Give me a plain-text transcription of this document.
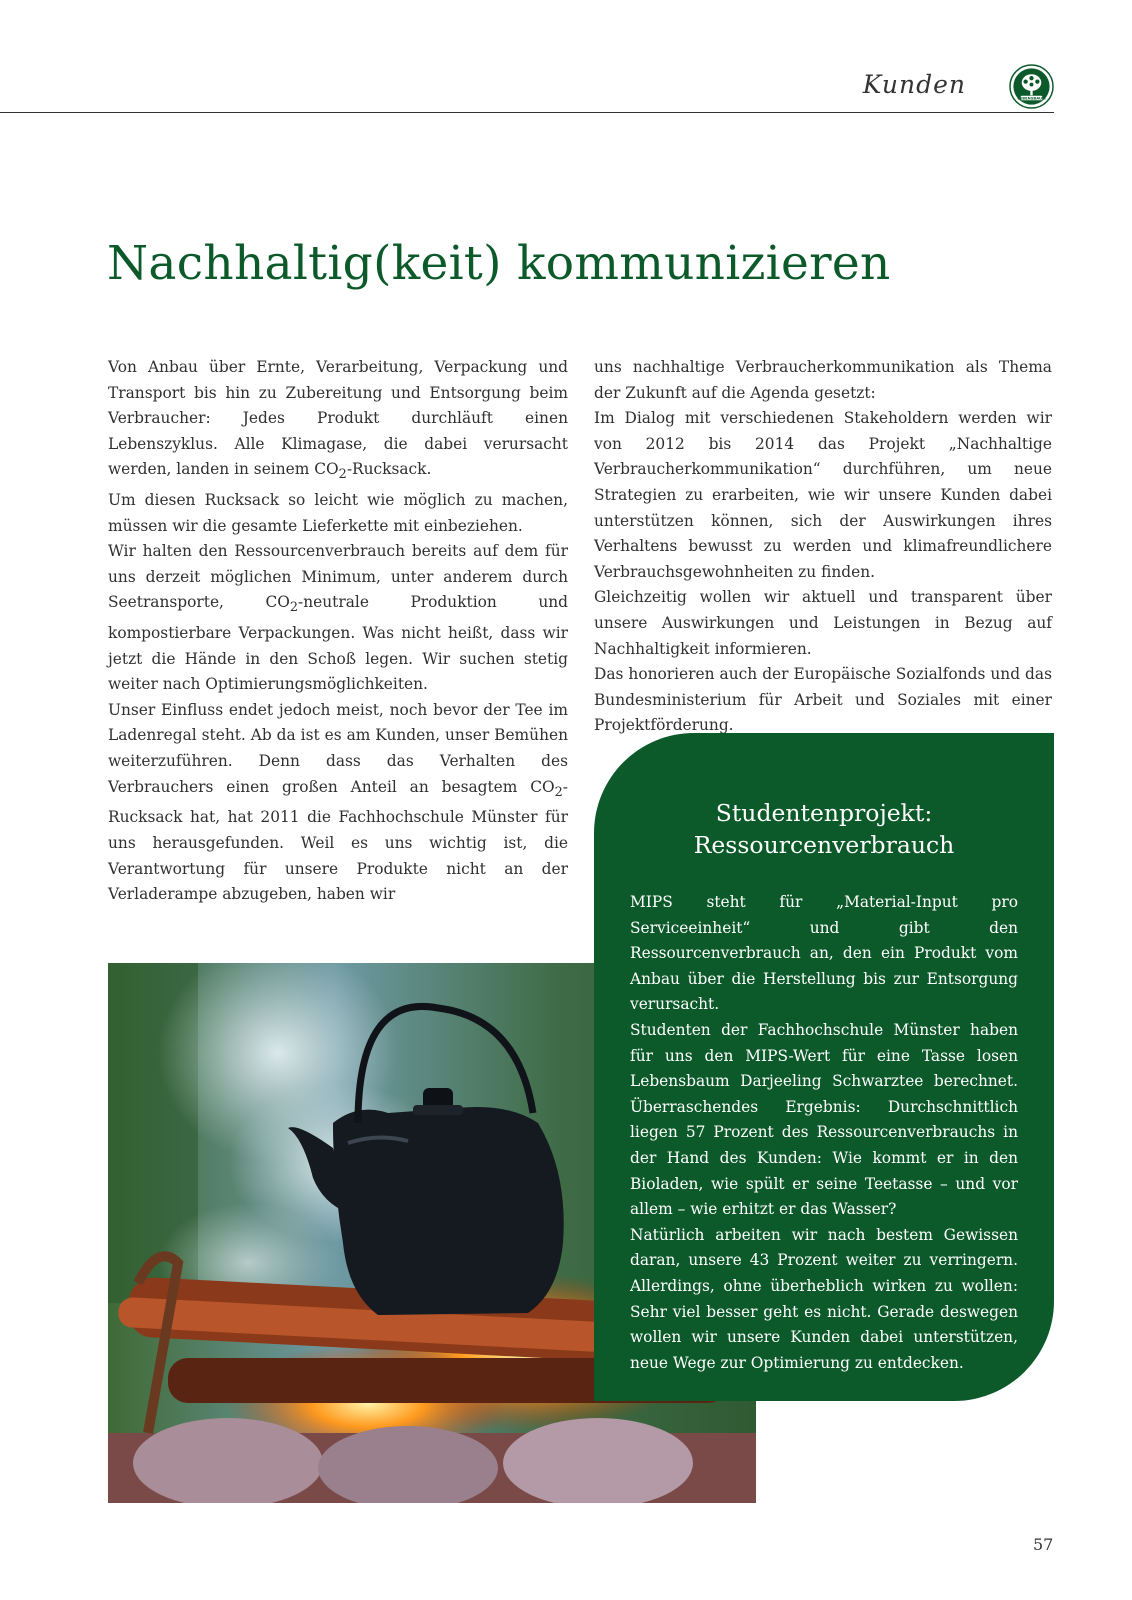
Kunden	LEBENSBAUM
Nachhaltig(keit) kommunizieren

Von Anbau über Ernte, Verarbeitung, Verpackung und Transport bis hin zu Zubereitung und Entsorgung beim Verbraucher: Jedes Produkt durchläuft einen Lebenszyklus. Alle Klimagase, die dabei verursacht werden, landen in seinem $CO_2$-Rucksack.

Um diesen Rucksack so leicht wie möglich zu machen, müssen wir die gesamte Lieferkette mit einbeziehen.

Wir halten den Ressourcenverbrauch bereits auf dem für uns derzeit möglichen Minimum, unter anderem durch Seetransporte, $CO_2$-neutrale Produktion und kompostierbare Verpackungen. Was nicht heißt, dass wir jetzt die Hände in den Schoß legen. Wir suchen stetig weiter nach Optimierungsmöglichkeiten.

Unser Einfluss endet jedoch meist, noch bevor der Tee im Ladenregal steht. Ab da ist es am Kunden, unser Bemühen weiterzuführen. Denn dass das Verhalten des Verbrauchers einen großen Anteil an besagtem $CO_2$-Rucksack hat, hat 2011 die Fachhochschule Münster für uns herausgefunden. Weil es uns wichtig ist, die Verantwortung für unsere Produkte nicht an der Verladerampe abzugeben, haben wir

uns nachhaltige Verbraucherkommunikation als Thema der Zukunft auf die Agenda gesetzt:

Im Dialog mit verschiedenen Stakeholdern werden wir von 2012 bis 2014 das Projekt „Nachhaltige Verbraucherkommunikation“ durchführen, um neue Strategien zu erarbeiten, wie wir unsere Kunden dabei unterstützen können, sich der Auswirkungen ihres Verhaltens bewusst zu werden und klimafreundlichere Verbrauchsgewohnheiten zu finden.

Gleichzeitig wollen wir aktuell und transparent über unsere Auswirkungen und Leistungen in Bezug auf Nachhaltigkeit informieren.

Das honorieren auch der Europäische Sozialfonds und das Bundesministerium für Arbeit und Soziales mit einer Projektförderung.

Studentenprojekt:
Ressourcenverbrauch

MIPS steht für „Material-Input pro Serviceeinheit“ und gibt den Ressourcenverbrauch an, den ein Produkt vom Anbau über die Herstellung bis zur Entsorgung verursacht.

Studenten der Fachhochschule Münster haben für uns den MIPS-Wert für eine Tasse losen Lebensbaum Darjeeling Schwarztee berechnet. Überraschendes Ergebnis: Durchschnittlich liegen 57 Prozent des Ressourcenverbrauchs in der Hand des Kunden: Wie kommt er in den Bioladen, wie spült er seine Teetasse – und vor allem – wie erhitzt er das Wasser?

Natürlich arbeiten wir nach bestem Gewissen daran, unsere 43 Prozent weiter zu verringern. Allerdings, ohne überheblich wirken zu wollen: Sehr viel besser geht es nicht. Gerade deswegen wollen wir unsere Kunden dabei unterstützen, neue Wege zur Optimierung zu entdecken.

57
